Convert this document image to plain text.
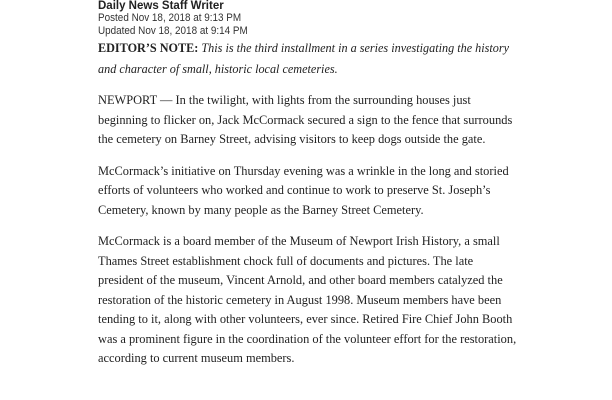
Daily News Staff Writer
Posted Nov 18, 2018 at 9:13 PM
Updated Nov 18, 2018 at 9:14 PM
EDITOR’S NOTE: This is the third installment in a series investigating the history and character of small, historic local cemeteries.

NEWPORT — In the twilight, with lights from the surrounding houses just beginning to flicker on, Jack McCormack secured a sign to the fence that surrounds the cemetery on Barney Street, advising visitors to keep dogs outside the gate.

McCormack’s initiative on Thursday evening was a wrinkle in the long and storied efforts of volunteers who worked and continue to work to preserve St. Joseph’s Cemetery, known by many people as the Barney Street Cemetery.

McCormack is a board member of the Museum of Newport Irish History, a small Thames Street establishment chock full of documents and pictures. The late president of the museum, Vincent Arnold, and other board members catalyzed the restoration of the historic cemetery in August 1998. Museum members have been tending to it, along with other volunteers, ever since. Retired Fire Chief John Booth was a prominent figure in the coordination of the volunteer effort for the restoration, according to current museum members.
